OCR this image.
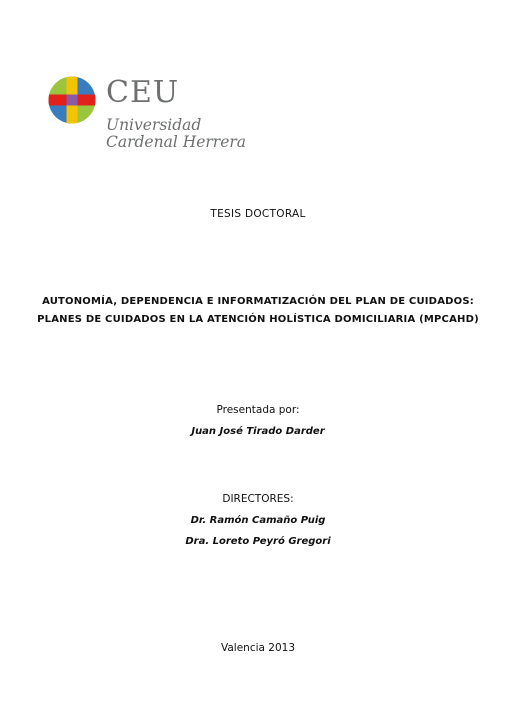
CEU
Universidad
Cardenal Herrera
TESIS DOCTORAL
AUTONOMÍA, DEPENDENCIA E INFORMATIZACIÓN DEL PLAN DE CUIDADOS:
PLANES DE CUIDADOS EN LA ATENCIÓN HOLÍSTICA DOMICILIARIA (MPCAHD)
Presentada por:
Juan José Tirado Darder
DIRECTORES:
Dr. Ramón Camaño Puig
Dra. Loreto Peyró Gregori
Valencia 2013
